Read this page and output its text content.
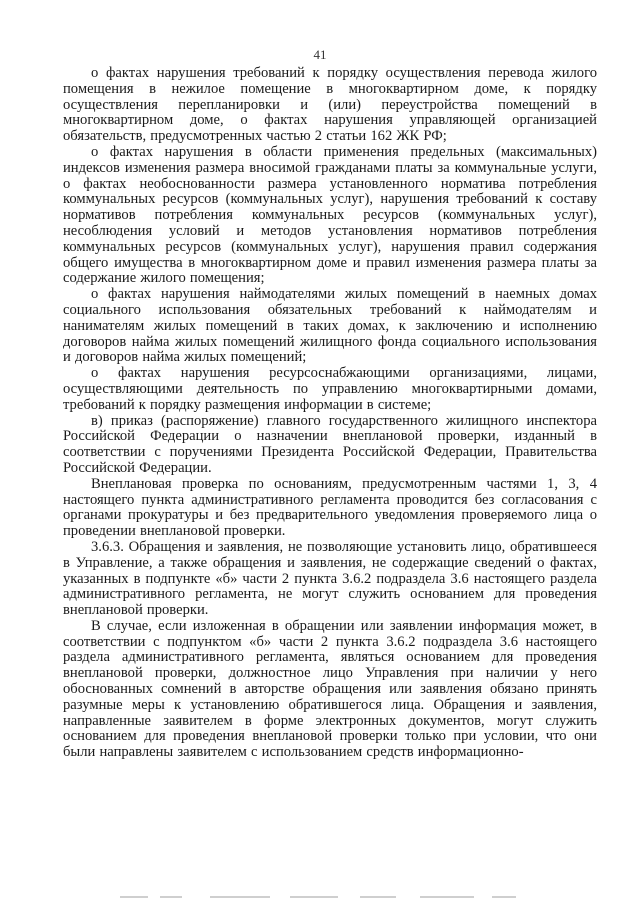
41

о фактах нарушения требований к порядку осуществления перевода жилого помещения в нежилое помещение в многоквартирном доме, к порядку осуществления перепланировки и (или) переустройства помещений в многоквартирном доме, о фактах нарушения управляющей организацией обязательств, предусмотренных частью 2 статьи 162 ЖК РФ;

о фактах нарушения в области применения предельных (максимальных) индексов изменения размера вносимой гражданами платы за коммунальные услуги, о фактах необоснованности размера установленного норматива потребления коммунальных ресурсов (коммунальных услуг), нарушения требований к составу нормативов потребления коммунальных ресурсов (коммунальных услуг), несоблюдения условий и методов установления нормативов потребления коммунальных ресурсов (коммунальных услуг), нарушения правил содержания общего имущества в многоквартирном доме и правил изменения размера платы за содержание жилого помещения;

о фактах нарушения наймодателями жилых помещений в наемных домах социального использования обязательных требований к наймодателям и нанимателям жилых помещений в таких домах, к заключению и исполнению договоров найма жилых помещений жилищного фонда социального использования и договоров найма жилых помещений;

о фактах нарушения ресурсоснабжающими организациями, лицами, осуществляющими деятельность по управлению многоквартирными домами, требований к порядку размещения информации в системе;

в) приказ (распоряжение) главного государственного жилищного инспектора Российской Федерации о назначении внеплановой проверки, изданный в соответствии с поручениями Президента Российской Федерации, Правительства Российской Федерации.

Внеплановая проверка по основаниям, предусмотренным частями 1, 3, 4 настоящего пункта административного регламента проводится без согласования с органами прокуратуры и без предварительного уведомления проверяемого лица о проведении внеплановой проверки.

3.6.3. Обращения и заявления, не позволяющие установить лицо, обратившееся в Управление, а также обращения и заявления, не содержащие сведений о фактах, указанных в подпункте «б» части 2 пункта 3.6.2 подраздела 3.6 настоящего раздела административного регламента, не могут служить основанием для проведения внеплановой проверки.

В случае, если изложенная в обращении или заявлении информация может, в соответствии с подпунктом «б» части 2 пункта 3.6.2 подраздела 3.6 настоящего раздела административного регламента, являться основанием для проведения внеплановой проверки, должностное лицо Управления при наличии у него обоснованных сомнений в авторстве обращения или заявления обязано принять разумные меры к установлению обратившегося лица. Обращения и заявления, направленные заявителем в форме электронных документов, могут служить основанием для проведения внеплановой проверки только при условии, что они были направлены заявителем с использованием средств информационно-
